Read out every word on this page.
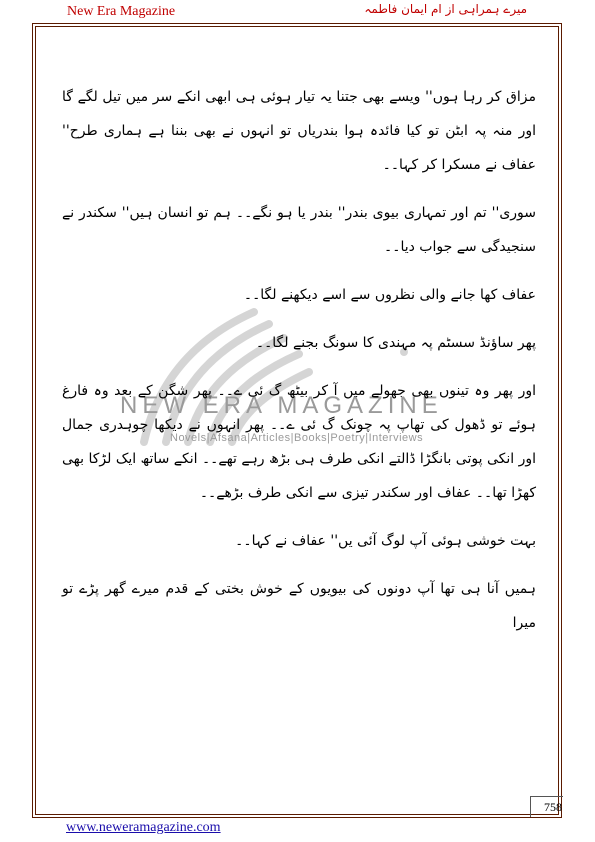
New Era Magazine	میرے ہمراہی از ام ایمان فاطمہ
NEW ERA MAGAZINE
Novels|Afsana|Articles|Books|Poetry|Interviews

مزاق کر رہا ہوں'' ویسے بھی جتنا یہ تیار ہوئی ہی ابھی انکے سر میں تیل لگے گا اور منہ پہ ابٹن تو کیا فائدہ ہوا بندریاں تو انہوں نے بھی بننا ہے ہماری طرح'' عفاف نے مسکرا کر کہا۔۔

سوری'' تم اور تمہاری بیوی بندر'' بندر یا ہو نگے۔۔ ہم تو انسان ہیں'' سکندر نے سنجیدگی سے جواب دیا۔۔

عفاف کھا جانے والی نظروں سے اسے دیکھنے لگا۔۔

پھر ساؤنڈ سسٹم پہ مہندی کا سونگ بجنے لگا۔۔

اور پھر وہ تینوں بھی جھولے میں آ کر بیٹھ گ ئی ے۔۔ پھر شگن کے بعد وہ فارغ ہوئے تو ڈھول کی تھاپ پہ چونک گ ئی ے۔۔ پھر انہوں نے دیکھا چوہدری جمال اور انکی پوتی بانگڑا ڈالتے انکی طرف ہی بڑھ رہے تھے۔۔ انکے ساتھ ایک لڑکا بھی کھڑا تھا۔۔ عفاف اور سکندر تیزی سے انکی طرف بڑھے۔۔

بہت خوشی ہوئی آپ لوگ آئی یں'' عفاف نے کہا۔۔

ہمیں آنا ہی تھا آپ دونوں کی بیویوں کے خوش بختی کے قدم میرے گھر پڑے تو میرا

758
www.neweramagazine.com
